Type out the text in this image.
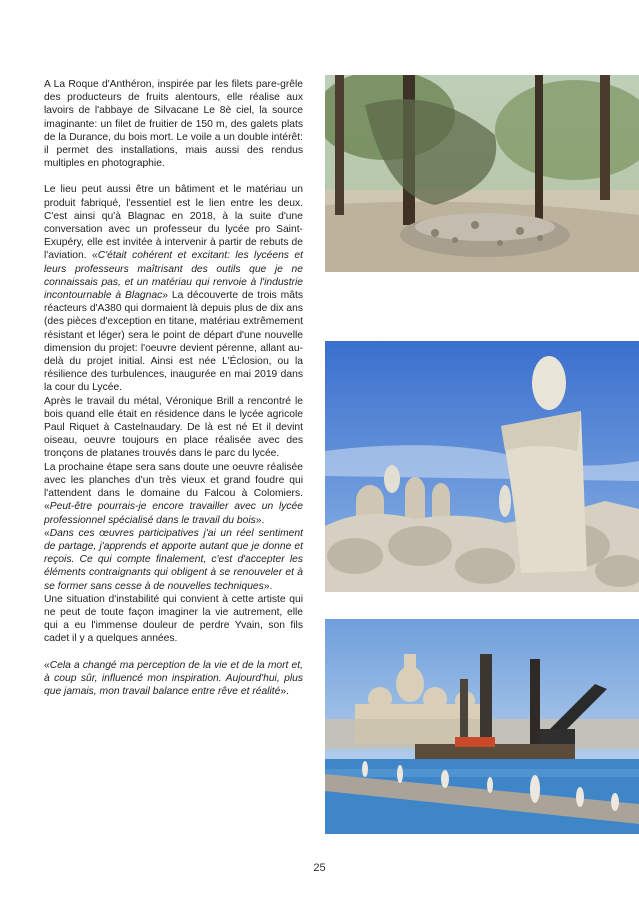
A La Roque d'Anthéron, inspirée par les filets pare-grêle des producteurs de fruits alentours, elle réalise aux lavoirs de l'abbaye de Silvacane Le 8è ciel, la source imaginante: un filet de fruitier de 150 m, des galets plats de la Durance, du bois mort. Le voile a un double intérêt: il permet des installations, mais aussi des rendus multiples en photographie.

Le lieu peut aussi être un bâtiment et le matériau un produit fabriqué, l'essentiel est le lien entre les deux. C'est ainsi qu'à Blagnac en 2018, à la suite d'une conversation avec un professeur du lycée pro Saint-Exupéry, elle est invitée à intervenir à partir de rebuts de l'aviation. «C'était cohérent et excitant: les lycéens et leurs professeurs maîtrisant des outils que je ne connaissais pas, et un matériau qui renvoie à l'industrie incontournable à Blagnac» La découverte de trois mâts réacteurs d'A380 qui dormaient là depuis plus de dix ans (des pièces d'exception en titane, matériau extrêmement résistant et léger) sera le point de départ d'une nouvelle dimension du projet: l'oeuvre devient pérenne, allant au-delà du projet initial. Ainsi est née L'Éclosion, ou la résilience des turbulences, inaugurée en mai 2019 dans la cour du Lycée.

Après le travail du métal, Véronique Brill a rencontré le bois quand elle était en résidence dans le lycée agricole Paul Riquet à Castelnaudary. De là est né Et il devint oiseau, oeuvre toujours en place réalisée avec des tronçons de platanes trouvés dans le parc du lycée.

La prochaine étape sera sans doute une oeuvre réalisée avec les planches d'un très vieux et grand foudre qui l'attendent dans le domaine du Falcou à Colomiers. «Peut-être pourrais-je encore travailler avec un lycée professionnel spécialisé dans le travail du bois».

«Dans ces œuvres participatives j'ai un réel sentiment de partage, j'apprends et apporte autant que je donne et reçois. Ce qui compte finalement, c'est d'accepter les éléments contraignants qui obligent à se renouveler et à se former sans cesse à de nouvelles techniques».

Une situation d'instabilité qui convient à cette artiste qui ne peut de toute façon imaginer la vie autrement, elle qui a eu l'immense douleur de perdre Yvain, son fils cadet il y a quelques années.

«Cela a changé ma perception de la vie et de la mort et, à coup sûr, influencé mon inspiration. Aujourd'hui, plus que jamais, mon travail balance entre rêve et réalité».

25
